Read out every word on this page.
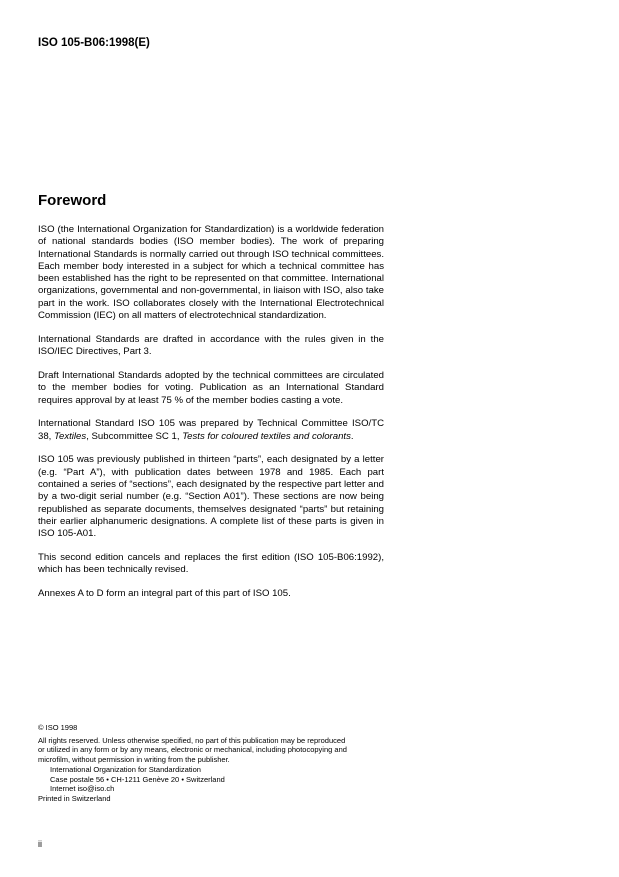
ISO 105-B06:1998(E)
Foreword

ISO (the International Organization for Standardization) is a worldwide federation of national standards bodies (ISO member bodies). The work of preparing International Standards is normally carried out through ISO technical committees. Each member body interested in a subject for which a technical committee has been established has the right to be represented on that committee. International organizations, governmental and non-governmental, in liaison with ISO, also take part in the work. ISO collaborates closely with the International Electrotechnical Commission (IEC) on all matters of electrotechnical standardization.

International Standards are drafted in accordance with the rules given in the ISO/IEC Directives, Part 3.

Draft International Standards adopted by the technical committees are circulated to the member bodies for voting. Publication as an International Standard requires approval by at least 75 % of the member bodies casting a vote.

International Standard ISO 105 was prepared by Technical Committee ISO/TC 38, Textiles, Subcommittee SC 1, Tests for coloured textiles and colorants.

ISO 105 was previously published in thirteen “parts”, each designated by a letter (e.g. “Part A”), with publication dates between 1978 and 1985. Each part contained a series of “sections”, each designated by the respective part letter and by a two-digit serial number (e.g. “Section A01”). These sections are now being republished as separate documents, themselves designated “parts” but retaining their earlier alphanumeric designations. A complete list of these parts is given in ISO 105-A01.

This second edition cancels and replaces the first edition (ISO 105-B06:1992), which has been technically revised.

Annexes A to D form an integral part of this part of ISO 105.

© ISO 1998
All rights reserved. Unless otherwise specified, no part of this publication may be reproduced
or utilized in any form or by any means, electronic or mechanical, including photocopying and
microfilm, without permission in writing from the publisher.
International Organization for Standardization
Case postale 56 • CH-1211 Genève 20 • Switzerland
Internet iso@iso.ch
Printed in Switzerland
ii
